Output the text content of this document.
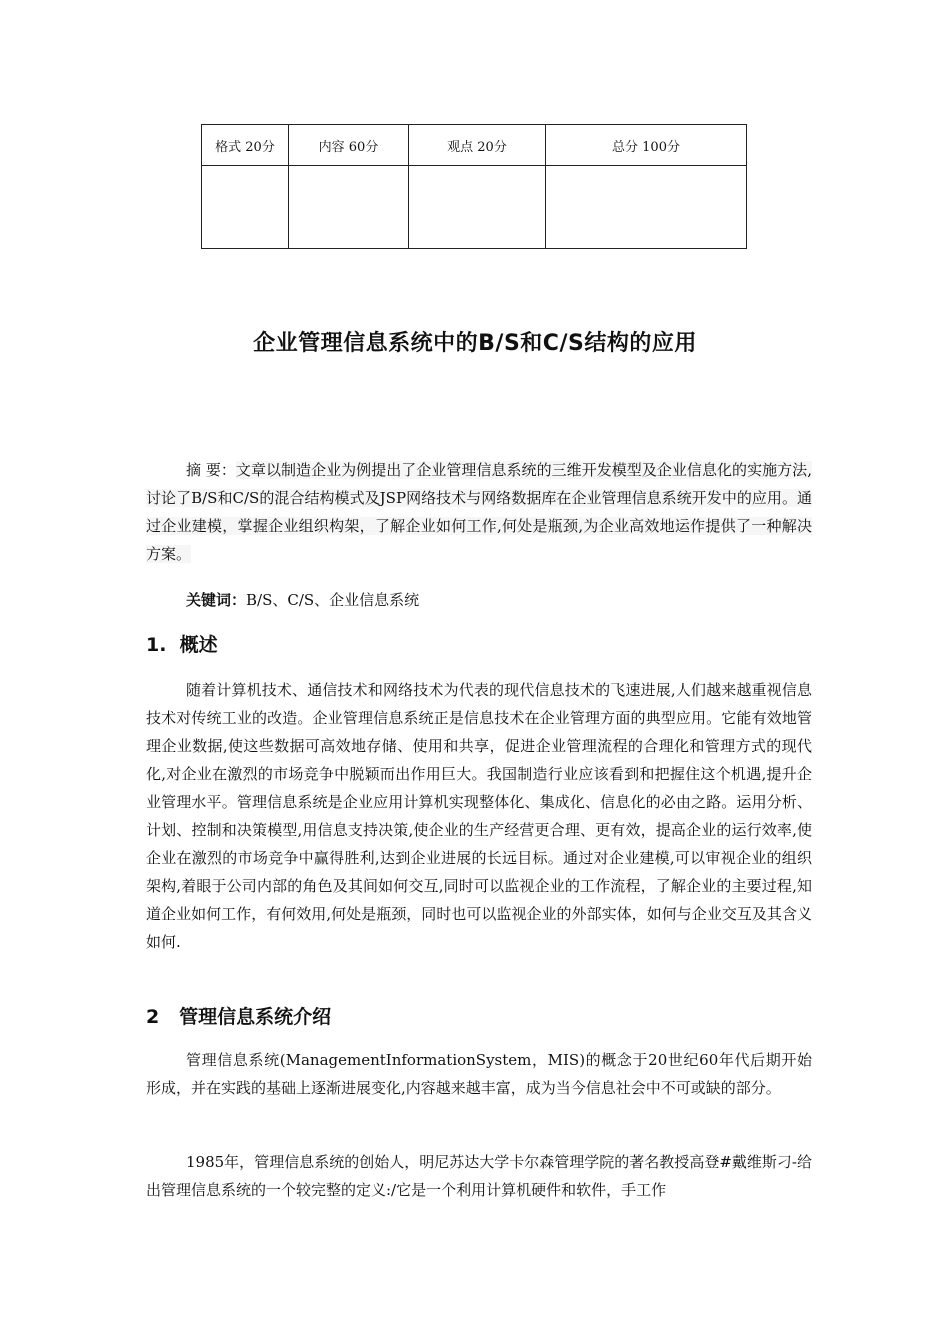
格式 20分	内容 60分	观点 20分	总分 100分

企业管理信息系统中的B/S和C/S结构的应用

摘 要：文章以制造企业为例提出了企业管理信息系统的三维开发模型及企业信息化的实施方法,讨论了B/S和C/S的混合结构模式及JSP网络技术与网络数据库在企业管理信息系统开发中的应用。通过企业建模，掌握企业组织构架，了解企业如何工作,何处是瓶颈,为企业高效地运作提供了一种解决方案。

关键词：B/S、C/S、企业信息系统
1.  概述

随着计算机技术、通信技术和网络技术为代表的现代信息技术的飞速进展,人们越来越重视信息技术对传统工业的改造。企业管理信息系统正是信息技术在企业管理方面的典型应用。它能有效地管理企业数据,使这些数据可高效地存储、使用和共享，促进企业管理流程的合理化和管理方式的现代化,对企业在激烈的市场竞争中脱颖而出作用巨大。我国制造行业应该看到和把握住这个机遇,提升企业管理水平。管理信息系统是企业应用计算机实现整体化、集成化、信息化的必由之路。运用分析、计划、控制和决策模型,用信息支持决策,使企业的生产经营更合理、更有效，提高企业的运行效率,使企业在激烈的市场竞争中赢得胜利,达到企业进展的长远目标。通过对企业建模,可以审视企业的组织架构,着眼于公司内部的角色及其间如何交互,同时可以监视企业的工作流程，了解企业的主要过程,知道企业如何工作，有何效用,何处是瓶颈，同时也可以监视企业的外部实体，如何与企业交互及其含义如何.

2   管理信息系统介绍

管理信息系统(ManagementInformationSystem，MIS)的概念于20世纪60年代后期开始形成，并在实践的基础上逐渐进展变化,内容越来越丰富，成为当今信息社会中不可或缺的部分。

1985年，管理信息系统的创始人，明尼苏达大学卡尔森管理学院的著名教授高登#戴维斯刁-给出管理信息系统的一个较完整的定义:/它是一个利用计算机硬件和软件，手工作
